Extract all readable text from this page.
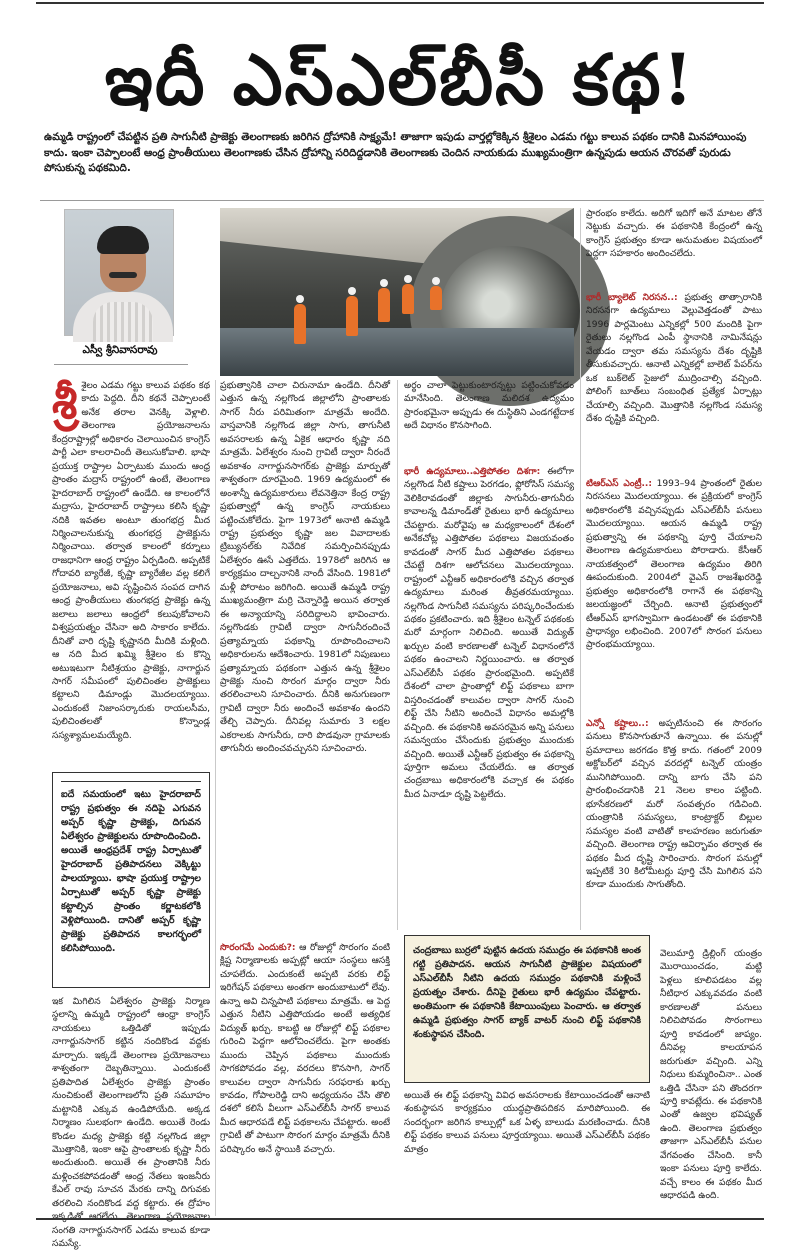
ఇదీ ఎస్‌ఎల్‌బీసీ కథ!
ఉమ్మడి రాష్ట్రంలో చేపట్టిన ప్రతి సాగునీటి ప్రాజెక్టు తెలంగాణకు జరిగిన ద్రోహానికి సాక్ష్యమే! తాజాగా ఇపుడు వార్తల్లోకెక్కిన శ్రీశైలం ఎడమ గట్టు కాలువ పథకం దానికి మినహాయింపు కాదు. ఇంకా చెప్పాలంటే ఆంధ్ర ప్రాంతీయులు తెలంగాణకు చేసిన ద్రోహాన్ని సరిదిద్దడానికి తెలంగాణకు చెందిన నాయకుడు ముఖ్యమంత్రిగా ఉన్నపుడు ఆయన చొరవతో పురుడు పోసుకున్న పథకమిది.
ఎస్వీ శ్రీనివాసరావు
శ్రీ శైలం ఎడమ గట్టు కాలువ పథకం కథ కాదు పెద్దది. దీని కథనే చెప్పాలంటే అనేక తరాల వెనక్కి వెళ్లాలి. తెలంగాణ ప్రయోజనాలను కేంద్రరాష్ట్రాల్లో అధికారం చెలాయించిన కాంగ్రెస్ పార్టీ ఎలా కాలరాచిందీ తెలుసుకోవాలి. భాషా ప్రయుక్త రాష్ట్రాల ఏర్పాటుకు ముందు ఆంధ్ర ప్రాంతం మద్రాస్ రాష్ట్రంలో ఉంటే, తెలంగాణ హైదరాబాద్ రాష్ట్రంలో ఉండేది. ఆ కాలంలోనే మద్రాసు, హైదరాబాద్ రాష్ట్రాలు కలిసి కృష్ణా నదికి ఇవతల అంటూ తుంగభద్ర మీద నిర్మించాలనుకున్న తుంగభద్ర ప్రాజెక్టును నిర్మించాయి. తర్వాత కాలంలో కర్నూలు రాజధానిగా ఆంధ్ర రాష్ట్రం ఏర్పడింది. అప్పటికే గోదావరి బ్యారేజీ, కృష్ణా బ్యారేజీల వల్ల కలిగే ప్రయోజనాలు, అవి సృష్టించిన సంపద దాగిన ఆంధ్ర ప్రాంతీయులు తుంగభద్ర ప్రాజెక్టు ఉన్న జలాలు జలాలు ఆంధ్రలో కలుపుకోవాలని విశ్వప్రయత్నం చేసినా అది సాకారం కాలేదు. దీనితో వారి దృష్టి కృష్ణానది మీదికి మళ్లింది. ఆ నది మీద ఖమ్మి శ్రీశైలం కు కొన్ని అటుఇటుగా నీటిశ్రయం ప్రాజెక్టు, నాగార్జున సాగర్ సమీపంలో పులిచింతల ప్రాజెక్టులు కట్టాలని డిమాండ్లు మొదలయ్యాయి. ఎందుకంటే నిజాంసర్కారుకు రాయలసీమ, పులిచింతలతో కొన్నాండ్ల సస్యశ్యామలమయ్యేది.
ఐదే సమయంలో ఇటు హైదరాబాద్ రాష్ట్ర ప్రభుత్వం ఈ నదిపై ఎగువన అప్పర్ కృష్ణా ప్రాజెక్టు, దిగువన ఏలేశ్వరం ప్రాజెక్టులను రూపొందించింది. అయితే ఆంధ్రప్రదేశ్ రాష్ట్ర ఏర్పాటుతో హైదరాబాద్ ప్రతిపాదనలు వెక్కిట్టు పాలయ్యాయి. భాషా ప్రయుక్త రాష్ట్రాల ఏర్పాటుతో అప్పర్ కృష్ణా ప్రాజెక్టు కట్టాల్సిన ప్రాంతం కర్ణాటకలోకి వెళ్లిపోయింది. దానితో అప్పర్ కృష్ణా ప్రాజెక్టు ప్రతిపాదన కాలగర్భంలో కలిసిపోయింది.
ఇక మిగిలిన ఏలేశ్వరం ప్రాజెక్టు నిర్మాణ స్థలాన్ని ఉమ్మడి రాష్ట్రంలో ఆంధ్రా కాంగ్రెస్ నాయకులు ఒత్తిడితో ఇప్పుడు నాగార్జునసాగర్ కట్టిన నందికొండ వద్దకు మార్చారు. ఇక్కడే తెలంగాణ ప్రయోజనాలు శాశ్వతంగా దెబ్బతిన్నాయి. ఎందుకంటే ప్రతిపాదిత ఏలేశ్వరం ప్రాజెక్టు ప్రాంతం నుంచికుంటే తెలంగాణలోని ప్రతి సమూహం మట్టానికి ఎక్కువ ఉండిపోయేది. అక్కడ నిర్మాణం సులభంగా ఉండేది. అయితే రెండు కొండల మధ్య ప్రాజెక్టు కట్టి నల్లగొండ జిల్లా మొత్తానికి, ఇంకా ఆపై ప్రాంతాలకు కృష్ణా నీరు అందుతుంది. అయితే ఈ ప్రాంతానికి నీరు మళ్లించకపోవడంతో ఆంధ్ర నేతలు ఇంజనీరు కేఎల్ రావు సూచన మేరకు దాన్ని దిగువకు తరలించి నందికొండ వద్ద కట్టారు. ఈ ద్రోహం సంగతి నాగార్జునసాగర్ ఎడమ కాలువ కూడా సమస్యే.
ప్రభుత్వానికి చాలా చిరునామా ఉండేది. దీనితో ఎత్తున ఉన్న నల్లగొండ జిల్లాలోని ప్రాంతాలకు సాగర్ నీరు పరిమితంగా మాత్రమే అందేది. వాస్తవానికి నల్లగొండ జిల్లా సాగు, తాగునీటి అవసరాలకు ఉన్న ఏకైక ఆధారం కృష్ణా నది మాత్రమే. ఏలేశ్వరం నుంచి గ్రావిటీ ద్వారా నీరందే అవకాశం నాగార్జునసాగర్‌కు ప్రాజెక్టు మార్పుతో శాశ్వతంగా దూరమైంది. 1969 ఉద్యమంలో ఈ అంశాన్నీ ఉద్యమకారులు లేవనెత్తినా కేంద్ర రాష్ట్ర ప్రభుత్వాల్లో ఉన్న కాంగ్రెస్ నాయకులు పట్టించుకోలేదు. ఫైగా 1973లో అనాటి ఉమ్మడి రాష్ట్ర ప్రభుత్వం కృష్ణా జల వివాదాలకు ట్రిబ్యునల్‌కు నివేదిక సమర్పించినప్పుడు ఏలేశ్వరం ఊసే ఎత్తలేదు. 1978లో జరిగిన ఆ కార్యక్రమం దాల్చనానికి నాందీ వేసింది. 1981లో మళ్లీ పోరాటం జరిగింది. అయితే ఉమ్మడి రాష్ట్ర ముఖ్యమంత్రిగా మర్రి చెన్నారెడ్డి అయిన తర్వాత ఈ అన్యాయాన్ని సరిదిద్దాలని భావించారు. నల్లగొండకు గ్రావిటీ ద్వారా సాగునీరందించే ప్రత్యామ్నాయ పథకాన్ని రూపొందించాలని అధికారులను ఆదేశించారు. 1981లో నిపుణులు ప్రత్యామ్నాయ పథకంగా ఎత్తున ఉన్న శ్రీశైలం ప్రాజెక్టు నుంచి సొరంగ మార్గం ద్వారా నీరు తరలించాలని సూచించారు. దీనికి అనుగుణంగా గ్రావిటీ ద్వారా నీరు అందించే అవకాశం ఉందని తేల్చి చెప్పారు. దీనివల్ల సుమారు 3 లక్షల ఎకరాలకు సాగునీరు, దారి పొడవునా గ్రామాలకు తాగునీరు అందించవచ్చునని సూచించారు.
సొరంగమే ఎందుకు?: ఆ రోజుల్లో సొరంగం వంటి క్లిష్ట నిర్మాణాలకు అప్పట్లో ఆయా సంస్థలు ఆసక్తి చూపలేదు. ఎందుకంటే అప్పటి వరకు లిఫ్ట్ ఇరిగేషన్ పథకాలు అంతగా అందుబాటులో లేవు. ఉన్నా అవి చిన్నపాటి పథకాలు మాత్రమే. ఆ పెద్ద ఎత్తున నీటిని ఎత్తిపోయడం అంటే అత్యధిక విద్యుత్ ఖర్చు. కాబట్టి ఆ రోజుల్లో లిఫ్ట్ పథకాల గురించి పెద్దగా ఆలోచించలేదు. పైగా అంతకు ముందు చెప్పిన పథకాలు ముందుకు సాగకపోవడం వల్ల, వరదలు కొనసాగి, సాగర్ కాలువల ద్వారా సాగునీరు సరఫరాకు ఖర్చు కావడం, గోపాలరెడ్డి దాని అధ్యయనం చేసి తొలి దశలో కలిసే వీలుగా ఎస్ఎల్‌బీసీ సాగర్ కాలువ మీద ఆధారపడే లిఫ్ట్ పథకాలను చేపట్టారు. అంటే గ్రావిటీ తో పాటుగా సొరంగ మార్గం మాత్రమే దీనికి పరిష్కారం అనే స్థాయికి వచ్చారు.
అర్థం చాలా పెట్టుకుంటారన్నట్టు పట్టించుకోవడం మానేసింది. తెలంగాణ మలిదశ ఉద్యమం ప్రారంభమైనా అప్పుడు ఈ దుస్థితిని ఎండగట్టేదాక అదే విధానం కొనసాగింది.
భారీ ఉద్యమాలు..ఎత్తిపోతల దిశగా: ఈలోగా నల్లగొండ నీటి కష్టాలు పెరగడం, ఫ్లోరోసిస్ సమస్య వెలికిరావడంతో జిల్లాకు సాగునీరు-తాగునీరు కావాలన్న డిమాండ్‌తో రైతులు భారీ ఉద్యమాలు చేపట్టారు. మరోవైపు ఆ మధ్యకాలంలో దేశంలో అనేకచోట్ల ఎత్తిపోతల పథకాలు విజయవంతం కావడంతో సాగర్ మీద ఎత్తిపోతల పథకాలు చేపట్టే దిశగా ఆలోచనలు మొదలయ్యాయి. రాష్ట్రంలో ఎన్టీఆర్ అధికారంలోకి వచ్చిన తర్వాత ఉద్యమాలు మరింత తీవ్రతరమయ్యాయి. నల్లగొండ సాగునీటి సమస్యను పరిష్కరించేందుకు పథకం ప్రకటించారు. ఇది శ్రీశైలం టన్నెల్ పథకంకు మరో మార్గంగా నిలిచింది. అయితే విద్యుత్ ఖర్చుల వంటి కారణాలతో టన్నెల్ విధానంలోనే పథకం ఉంచాలని నిర్ణయించారు. ఆ తర్వాత ఎస్ఎల్‌బీసీ పథకం ప్రారంభమైంది. అప్పటికే దేశంలో చాలా ప్రాంతాల్లో లిఫ్ట్ పథకాలు బాగా విస్తరించడంతో కాలువల ద్వారా సాగర్ నుంచి లిఫ్ట్ చేసి నీటిని అందించే విధానం అమల్లోకి వచ్చింది. ఈ పథకానికి అవసరమైన అన్ని పనులు సమన్వయం చేసేందుకు ప్రభుత్వం ముందుకు వచ్చింది. అయితే ఎన్టీఆర్ ప్రభుత్వం ఈ పథకాన్ని పూర్తిగా అమలు చేయలేదు. ఆ తర్వాత చంద్రబాబు అధికారంలోకి వచ్చాక ఈ పథకం మీద ఏనాడూ దృష్టి పెట్టలేదు.
చంద్రబాబు బుర్రలో పుట్టిన ఉదయ సముద్రం ఈ పథకానికి అంత గట్టి ప్రతిపాదన. ఆయన సాగునీటి ప్రాజెక్టుల విషయంలో ఎస్ఎల్‌బీసీ నీటిని ఉదయ సముద్రం పథకానికి మళ్లించే ప్రయత్నం చేశారు. దీనిపై రైతులు భారీ ఉద్యమం చేపట్టారు. అంతిమంగా ఈ పథకానికి కేటాయింపులు పెంచారు. ఆ తర్వాత ఉమ్మడి ప్రభుత్వం సాగర్ బ్యాక్ వాటర్ నుంచి లిఫ్ట్ పథకానికి శంకుస్థాపన చేసింది.
అయితే ఈ లిఫ్ట్ పథకాన్ని వివిధ అవసరాలకు కేటాయించడంతో ఆనాటి శంకుస్థాపన కార్యక్రమం యుద్ధప్రాతిపదికన మారిపోయింది. ఈ సందర్భంగా జరిగిన కాల్పుల్లో ఒక ఏళ్ళ బాలుడు మరణించాడు. దీనికి లిఫ్ట్ పథకం కాలువ పనులు పూర్తయ్యాయి. అయితే ఎస్ఎల్‌బీసీ పథకం మాత్రం
ప్రారంభం కాలేదు. అదిగో ఇదిగో అనే మాటల తోనే నెట్టుకు వచ్చారు. ఈ పథకానికి కేంద్రంలో ఉన్న కాంగ్రెస్ ప్రభుత్వం కూడా అనుమతుల విషయంలో పెద్దగా సహకారం అందించలేదు.
భారీ బ్యాలెట్ నిరసన..: ప్రభుత్వ తాత్సారానికి నిరసనగా ఉద్యమాలు వెల్లువెత్తడంతో పాటు 1996 పార్లమెంటు ఎన్నికల్లో 500 మందికి పైగా రైతులు నల్లగొండ ఎంపీ స్థానానికి నామినేషన్లు వేయడం ద్వారా తమ సమస్యను దేశం దృష్టికి తీసుకువచ్చారు. ఆనాటి ఎన్నికల్లో బాలెట్ పేపర్‌ను ఒక బుక్‌లెట్ సైజులో ముద్రించాల్సి వచ్చింది. పోలింగ్ బూత్‌లు సంబంధిత ప్రత్యేక ఏర్పాట్లు చేయాల్సి వచ్చింది. మొత్తానికి నల్లగొండ సమస్య దేశం దృష్టికి వచ్చింది.
టిఆర్ఎస్ ఎంట్రీ..: 1993–94 ప్రాంతంలో రైతుల నిరసనలు మొదలయ్యాయి. ఈ ప్రక్రియలో కాంగ్రెస్ అధికారంలోకి వచ్చినప్పుడు ఎస్ఎల్‌బీసీ పనులు మొదలయ్యాయి. ఆయన ఉమ్మడి రాష్ట్ర ప్రభుత్వాన్ని ఈ పథకాన్ని పూర్తి చేయాలని తెలంగాణ ఉద్యమకారులు పోరాడారు. కేసీఆర్ నాయకత్వంలో తెలంగాణ ఉద్యమం తిరిగి ఊపందుకుంది. 2004లో వైఎస్ రాజశేఖరరెడ్డి ప్రభుత్వం అధికారంలోకి రాగానే ఈ పథకాన్ని జలయజ్ఞంలో చేర్చింది. ఆనాటి ప్రభుత్వంలో టీఆర్ఎస్ భాగస్వామిగా ఉండటంతో ఈ పథకానికి ప్రాధాన్యం లభించింది. 2007లో సొరంగ పనులు ప్రారంభమయ్యాయి.
ఎన్నో కష్టాలు..: అప్పటినుంచి ఈ సొరంగం పనులు కొనసాగుతూనే ఉన్నాయి. ఈ పనుల్లో ప్రమాదాలు జరగడం కొత్త కాదు. గతంలో 2009 అక్టోబర్‌లో వచ్చిన వరదల్లో టన్నెల్ యంత్రం మునిగిపోయింది. దాన్ని బాగు చేసి పని ప్రారంభించడానికి 21 నెలల కాలం పట్టింది. భూసేకరణలో మరో సంవత్సరం గడిచింది. యంత్రానికి సమస్యలు, కాంట్రాక్టర్ బిల్లుల సమస్యల వంటి వాటితో కాలహరణం జరుగుతూ వచ్చింది. తెలంగాణ రాష్ట్ర ఆవిర్భావం తర్వాత ఈ పథకం మీద దృష్టి సారించారు. సొరంగ పనుల్లో ఇప్పటికే 30 కిలోమీటర్లు పూర్తి చేసి మిగిలిన పని కూడా ముందుకు సాగుతోంది.
వెలుమార్తి డ్రిల్లింగ్ యంత్రం మొరాయించడం, మట్టి పెళ్లలు కూలిపడటం వల్ల నీటిధార ఎక్కువవడం వంటి కారణాలతో పనులు నిలిచిపోవడం సొరంగాలు పూర్తి కావడంలో జాప్యం. దీనివల్ల కాలయాపన జరుగుతూ వచ్చింది. ఎన్ని నిధులు కుమ్మరించినా.. ఎంత ఒత్తిడి చేసినా పని తొందరగా పూర్తి కావట్లేదు. ఈ పథకానికి ఎంతో ఉజ్వల భవిష్యత్ ఉంది. తెలంగాణ ప్రభుత్వం తాజాగా ఎస్ఎల్‌బీసీ పనుల వేగవంతం చేసింది. కానీ ఇంకా పనులు పూర్తి కాలేదు. వచ్చే కాలం ఈ పథకం మీద ఆధారపడి ఉంది.
